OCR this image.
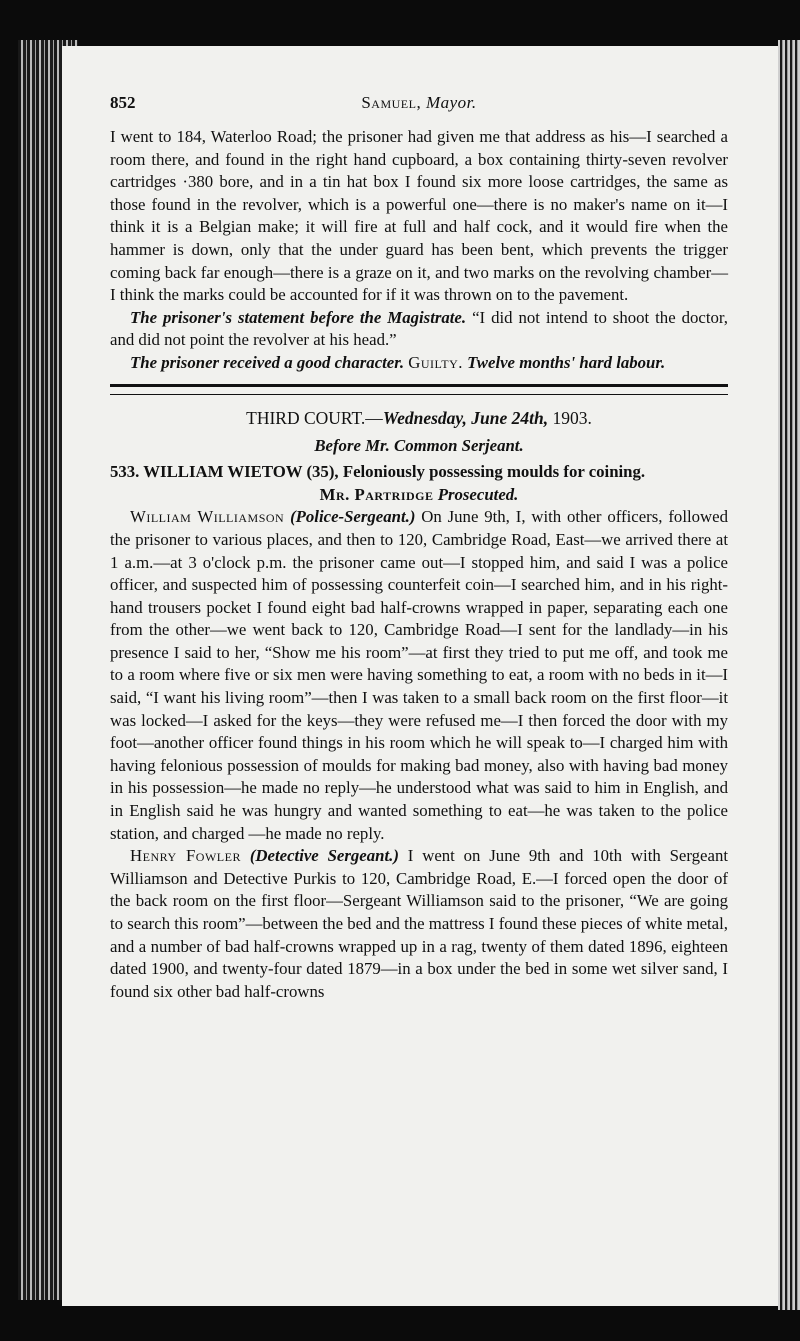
852	Samuel, Mayor.

I went to 184, Waterloo Road; the prisoner had given me that address as his—I searched a room there, and found in the right hand cupboard, a box containing thirty-seven revolver cartridges ·380 bore, and in a tin hat box I found six more loose cartridges, the same as those found in the revolver, which is a powerful one—there is no maker's name on it—I think it is a Belgian make; it will fire at full and half cock, and it would fire when the hammer is down, only that the under guard has been bent, which prevents the trigger coming back far enough—there is a graze on it, and two marks on the revolving chamber—I think the marks could be accounted for if it was thrown on to the pavement.

The prisoner's statement before the Magistrate. “I did not intend to shoot the doctor, and did not point the revolver at his head.”

The prisoner received a good character. Guilty. Twelve months' hard labour.

THIRD COURT.—Wednesday, June 24th, 1903.

Before Mr. Common Serjeant.

533. WILLIAM WIETOW (35), Feloniously possessing moulds for coining.

Mr. Partridge Prosecuted.

William Williamson (Police-Sergeant.) On June 9th, I, with other officers, followed the prisoner to various places, and then to 120, Cambridge Road, East—we arrived there at 1 a.m.—at 3 o'clock p.m. the prisoner came out—I stopped him, and said I was a police officer, and suspected him of possessing counterfeit coin—I searched him, and in his right-hand trousers pocket I found eight bad half-crowns wrapped in paper, separating each one from the other—we went back to 120, Cambridge Road—I sent for the landlady—in his presence I said to her, “Show me his room”—at first they tried to put me off, and took me to a room where five or six men were having something to eat, a room with no beds in it—I said, “I want his living room”—then I was taken to a small back room on the first floor—it was locked—I asked for the keys—they were refused me—I then forced the door with my foot—another officer found things in his room which he will speak to—I charged him with having felonious possession of moulds for making bad money, also with having bad money in his possession—he made no reply—he understood what was said to him in English, and in English said he was hungry and wanted something to eat—he was taken to the police station, and charged —he made no reply.

Henry Fowler (Detective Sergeant.) I went on June 9th and 10th with Sergeant Williamson and Detective Purkis to 120, Cambridge Road, E.—I forced open the door of the back room on the first floor—Sergeant Williamson said to the prisoner, “We are going to search this room”—between the bed and the mattress I found these pieces of white metal, and a number of bad half-crowns wrapped up in a rag, twenty of them dated 1896, eighteen dated 1900, and twenty-four dated 1879—in a box under the bed in some wet silver sand, I found six other bad half-crowns
